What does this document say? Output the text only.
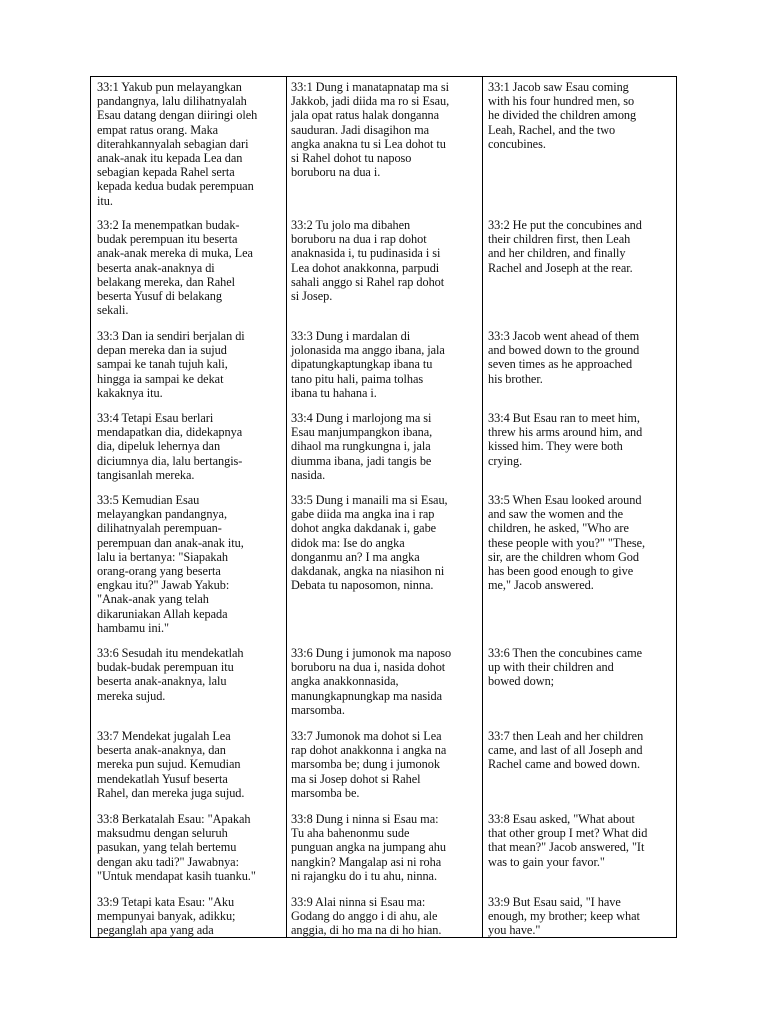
33:1 Yakub pun melayangkan
pandangnya, lalu dilihatnyalah
Esau datang dengan diiringi oleh
empat ratus orang. Maka
diterahkannyalah sebagian dari
anak-anak itu kepada Lea dan
sebagian kepada Rahel serta
kepada kedua budak perempuan
itu.
33:1 Dung i manatapnatap ma si
Jakkob, jadi diida ma ro si Esau,
jala opat ratus halak donganna
sauduran. Jadi disagihon ma
angka anakna tu si Lea dohot tu
si Rahel dohot tu naposo
boruboru na dua i.
33:1 Jacob saw Esau coming
with his four hundred men, so
he divided the children among
Leah, Rachel, and the two
concubines.
33:2 Ia menempatkan budak-
budak perempuan itu beserta
anak-anak mereka di muka, Lea
beserta anak-anaknya di
belakang mereka, dan Rahel
beserta Yusuf di belakang
sekali.
33:2 Tu jolo ma dibahen
boruboru na dua i rap dohot
anaknasida i, tu pudinasida i si
Lea dohot anakkonna, parpudi
sahali anggo si Rahel rap dohot
si Josep.
33:2 He put the concubines and
their children first, then Leah
and her children, and finally
Rachel and Joseph at the rear.
33:3 Dan ia sendiri berjalan di
depan mereka dan ia sujud
sampai ke tanah tujuh kali,
hingga ia sampai ke dekat
kakaknya itu.
33:3 Dung i mardalan di
jolonasida ma anggo ibana, jala
dipatungkaptungkap ibana tu
tano pitu hali, paima tolhas
ibana tu hahana i.
33:3 Jacob went ahead of them
and bowed down to the ground
seven times as he approached
his brother.
33:4 Tetapi Esau berlari
mendapatkan dia, didekapnya
dia, dipeluk lehernya dan
diciumnya dia, lalu bertangis-
tangisanlah mereka.
33:4 Dung i marlojong ma si
Esau manjumpangkon ibana,
dihaol ma rungkungna i, jala
diumma ibana, jadi tangis be
nasida.
33:4 But Esau ran to meet him,
threw his arms around him, and
kissed him. They were both
crying.
33:5 Kemudian Esau
melayangkan pandangnya,
dilihatnyalah perempuan-
perempuan dan anak-anak itu,
lalu ia bertanya: "Siapakah
orang-orang yang beserta
engkau itu?" Jawab Yakub:
"Anak-anak yang telah
dikaruniakan Allah kepada
hambamu ini."
33:5 Dung i manaili ma si Esau,
gabe diida ma angka ina i rap
dohot angka dakdanak i, gabe
didok ma: Ise do angka
donganmu an? I ma angka
dakdanak, angka na niasihon ni
Debata tu naposomon, ninna.
33:5 When Esau looked around
and saw the women and the
children, he asked, "Who are
these people with you?" "These,
sir, are the children whom God
has been good enough to give
me," Jacob answered.
33:6 Sesudah itu mendekatlah
budak-budak perempuan itu
beserta anak-anaknya, lalu
mereka sujud.
33:6 Dung i jumonok ma naposo
boruboru na dua i, nasida dohot
angka anakkonnasida,
manungkapnungkap ma nasida
marsomba.
33:6 Then the concubines came
up with their children and
bowed down;
33:7 Mendekat jugalah Lea
beserta anak-anaknya, dan
mereka pun sujud. Kemudian
mendekatlah Yusuf beserta
Rahel, dan mereka juga sujud.
33:7 Jumonok ma dohot si Lea
rap dohot anakkonna i angka na
marsomba be; dung i jumonok
ma si Josep dohot si Rahel
marsomba be.
33:7 then Leah and her children
came, and last of all Joseph and
Rachel came and bowed down.
33:8 Berkatalah Esau: "Apakah
maksudmu dengan seluruh
pasukan, yang telah bertemu
dengan aku tadi?" Jawabnya:
"Untuk mendapat kasih tuanku."
33:8 Dung i ninna si Esau ma:
Tu aha bahenonmu sude
punguan angka na jumpang ahu
nangkin? Mangalap asi ni roha
ni rajangku do i tu ahu, ninna.
33:8 Esau asked, "What about
that other group I met? What did
that mean?" Jacob answered, "It
was to gain your favor."
33:9 Tetapi kata Esau: "Aku
mempunyai banyak, adikku;
peganglah apa yang ada
33:9 Alai ninna si Esau ma:
Godang do anggo i di ahu, ale
anggia, di ho ma na di ho hian.
33:9 But Esau said, "I have
enough, my brother; keep what
you have."
